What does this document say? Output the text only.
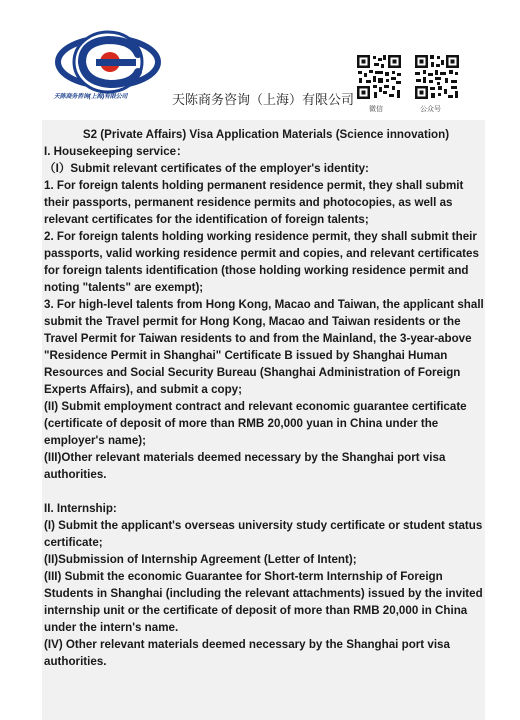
天陈商务咨询(上海)有限公司	天陈商务咨询（上海）有限公司
微信	公众号

S2 (Private Affairs) Visa Application Materials (Science innovation)

I. Housekeeping service：

（I）Submit relevant certificates of the employer's identity:

1. For foreign talents holding permanent residence permit, they shall submit their passports, permanent residence permits and photocopies, as well as relevant certificates for the identification of foreign talents;

2. For foreign talents holding working residence permit, they shall submit their passports, valid working residence permit and copies, and relevant certificates for foreign talents identification (those holding working residence permit and noting "talents" are exempt);

3. For high-level talents from Hong Kong, Macao and Taiwan, the applicant shall submit the Travel permit for Hong Kong, Macao and Taiwan residents or the Travel Permit for Taiwan residents to and from the Mainland, the 3-year-above "Residence Permit in Shanghai" Certificate B issued by Shanghai Human Resources and Social Security Bureau (Shanghai Administration of Foreign Experts Affairs), and submit a copy;

(II) Submit employment contract and relevant economic guarantee certificate (certificate of deposit of more than RMB 20,000 yuan in China under the employer's name);

(III)Other relevant materials deemed necessary by the Shanghai port visa authorities.

II. Internship:

(I) Submit the applicant's overseas university study certificate or student status certificate;

(II)Submission of Internship Agreement (Letter of Intent);

(III) Submit the economic Guarantee for Short-term Internship of Foreign Students in Shanghai (including the relevant attachments) issued by the invited internship unit or the certificate of deposit of more than RMB 20,000 in China under the intern's name.

(IV) Other relevant materials deemed necessary by the Shanghai port visa authorities.
